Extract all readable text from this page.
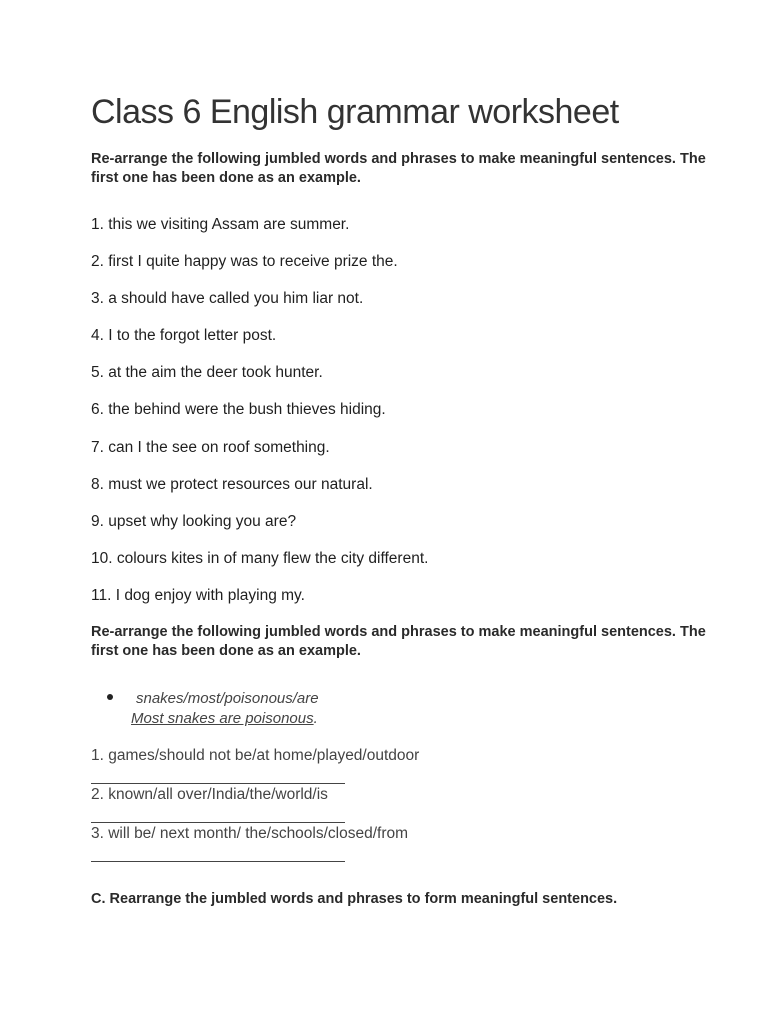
Class 6 English grammar worksheet

Re-arrange the following jumbled words and phrases to make meaningful sentences. The first one has been done as an example.

1. this we visiting Assam are summer.
2. first I quite happy was to receive prize the.
3. a should have called you him liar not.
4. I to the forgot letter post.
5. at the aim the deer took hunter.
6. the behind were the bush thieves hiding.
7. can I the see on roof something.
8. must we protect resources our natural.
9. upset why looking you are?
10. colours kites in of many flew the city different.
11. I dog enjoy with playing my.

Re-arrange the following jumbled words and phrases to make meaningful sentences. The first one has been done as an example.

snakes/most/poisonous/are
Most snakes are poisonous.
1. games/should not be/at home/played/outdoor
2. known/all over/India/the/world/is
3. will be/ next month/ the/schools/closed/from

C. Rearrange the jumbled words and phrases to form meaningful sentences.
